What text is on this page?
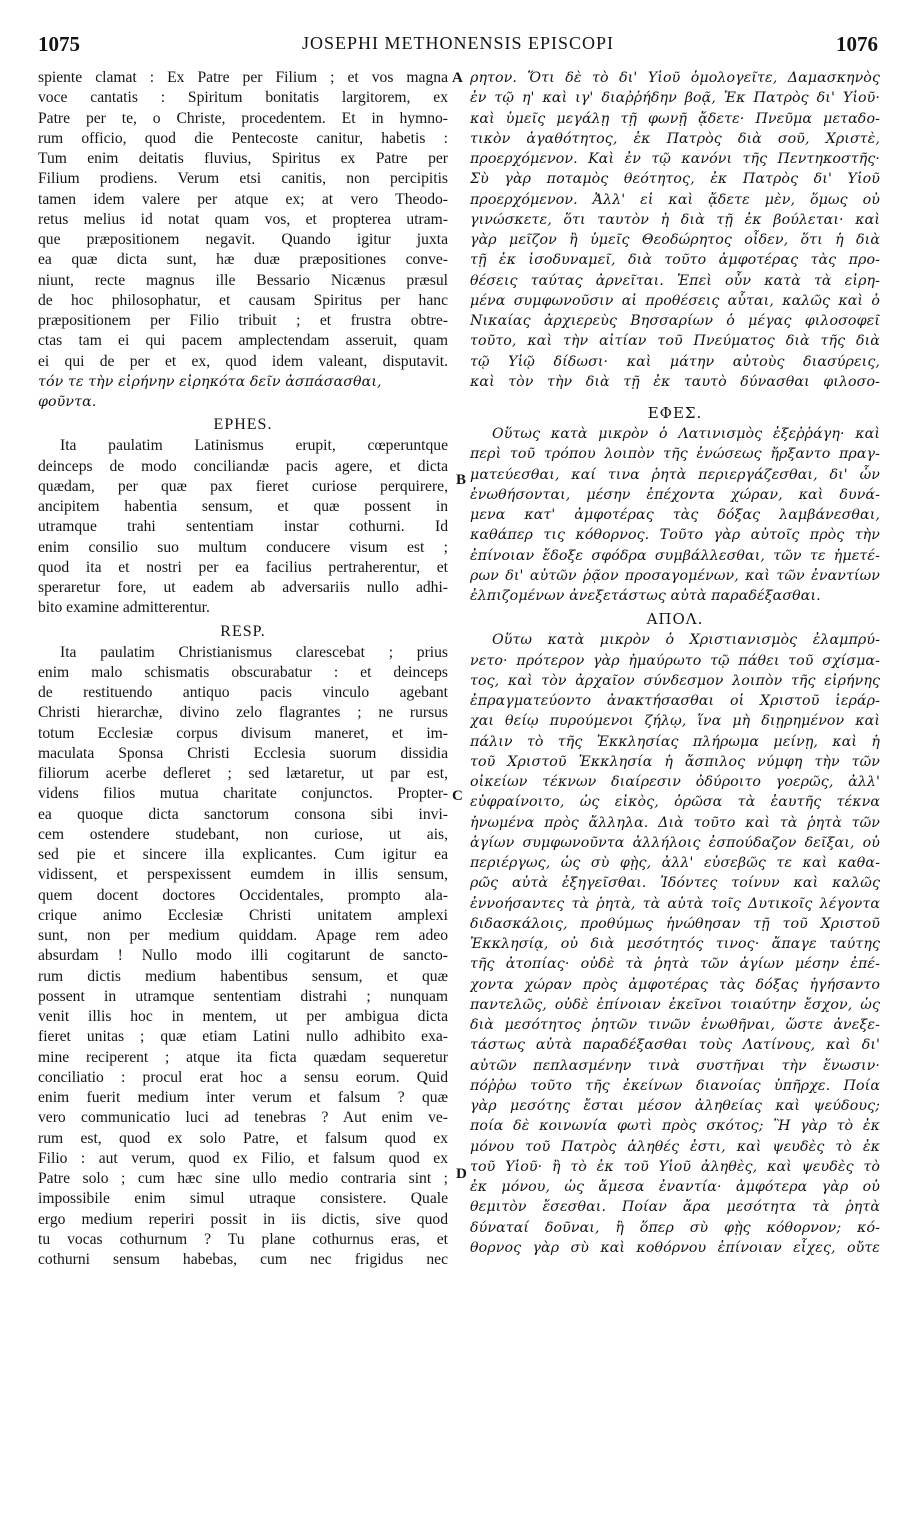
1075	JOSEPHI METHONENSIS EPISCOPI	1076
A
B
C
D
spiente clamat : Ex Patre per Filium ; et vos magna
voce cantatis : Spiritum bonitatis largitorem, ex
Patre per te, o Christe, procedentem. Et in hymno-
rum officio, quod die Pentecoste canitur, habetis :
Tum enim deitatis fluvius, Spiritus ex Patre per
Filium prodiens. Verum etsi canitis, non percipitis
tamen idem valere per atque ex; at vero Theodo-
retus melius id notat quam vos, et propterea utram-
que præpositionem negavit. Quando igitur juxta
ea quæ dicta sunt, hæ duæ præpositiones conve-
niunt, recte magnus ille Bessario Nicænus præsul
de hoc philosophatur, et causam Spiritus per hanc
præpositionem per Filio tribuit ; et frustra obtre-
ctas tam ei qui pacem amplectendam asseruit, quam
ei qui de per et ex, quod idem valeant, disputavit.
τόν τε τὴν εἰρήνην εἰρηκότα δεῖν ἀσπάσασθαι,
φοῦντα.
EPHES.
Ita paulatim Latinismus erupit, cœperuntque
deinceps de modo conciliandæ pacis agere, et dicta
quædam, per quæ pax fieret curiose perquirere,
ancipitem habentia sensum, et quæ possent in
utramque trahi sententiam instar cothurni. Id
enim consilio suo multum conducere visum est ;
quod ita et nostri per ea facilius pertraherentur, et
speraretur fore, ut eadem ab adversariis nullo adhi-
bito examine admitterentur.
RESP.
Ita paulatim Christianismus clarescebat ; prius
enim malo schismatis obscurabatur : et deinceps
de restituendo antiquo pacis vinculo agebant
Christi hierarchæ, divino zelo flagrantes ; ne rursus
totum Ecclesiæ corpus divisum maneret, et im-
maculata Sponsa Christi Ecclesia suorum dissidia
filiorum acerbe defleret ; sed lætaretur, ut par est,
videns filios mutua charitate conjunctos. Propter-
ea quoque dicta sanctorum consona sibi invi-
cem ostendere studebant, non curiose, ut ais,
sed pie et sincere illa explicantes. Cum igitur ea
vidissent, et perspexissent eumdem in illis sensum,
quem docent doctores Occidentales, prompto ala-
crique animo Ecclesiæ Christi unitatem amplexi
sunt, non per medium quiddam. Apage rem adeo
absurdam ! Nullo modo illi cogitarunt de sancto-
rum dictis medium habentibus sensum, et quæ
possent in utramque sententiam distrahi ; nunquam
venit illis hoc in mentem, ut per ambigua dicta
fieret unitas ; quæ etiam Latini nullo adhibito exa-
mine reciperent ; atque ita ficta quædam sequeretur
conciliatio : procul erat hoc a sensu eorum. Quid
enim fuerit medium inter verum et falsum ? quæ
vero communicatio luci ad tenebras ? Aut enim ve-
rum est, quod ex solo Patre, et falsum quod ex
Filio : aut verum, quod ex Filio, et falsum quod ex
Patre solo ; cum hæc sine ullo medio contraria sint ;
impossibile enim simul utraque consistere. Quale
ergo medium reperiri possit in iis dictis, sive quod
tu vocas cothurnum ? Tu plane cothurnus eras, et
cothurni sensum habebas, cum nec frigidus nec
ρητον. Ὅτι δὲ τὸ δι' Υἱοῦ ὁμολογεῖτε, Δαμασκηνὸς
ἐν τῷ η' καὶ ιγ' διαῤῥήδην βοᾷ, Ἐκ Πατρὸς δι' Υἱοῦ·
καὶ ὑμεῖς μεγάλῃ τῇ φωνῇ ᾄδετε· Πνεῦμα μεταδο-
τικὸν ἀγαθότητος, ἐκ Πατρὸς διὰ σοῦ, Χριστὲ,
προερχόμενον. Καὶ ἐν τῷ κανόνι τῆς Πεντηκοστῆς·
Σὺ γὰρ ποταμὸς θεότητος, ἐκ Πατρὸς δι' Υἱοῦ
προερχόμενον. Ἀλλ' εἰ καὶ ᾄδετε μὲν, ὅμως οὐ
γινώσκετε, ὅτι ταυτὸν ἡ διὰ τῇ ἐκ βούλεται· καὶ
γὰρ μεῖζον ἢ ὑμεῖς Θεοδώρητος οἶδεν, ὅτι ἡ διὰ
τῇ ἐκ ἰσοδυναμεῖ, διὰ τοῦτο ἀμφοτέρας τὰς προ-
θέσεις ταύτας ἀρνεῖται. Ἐπεὶ οὖν κατὰ τὰ εἰρη-
μένα συμφωνοῦσιν αἱ προθέσεις αὗται, καλῶς καὶ ὁ
Νικαίας ἀρχιερεὺς Βησσαρίων ὁ μέγας φιλοσοφεῖ
τοῦτο, καὶ τὴν αἰτίαν τοῦ Πνεύματος διὰ τῆς διὰ
τῷ Υἱῷ δίδωσι· καὶ μάτην αὐτοὺς διασύρεις,
καὶ τὸν τὴν διὰ τῇ ἐκ ταυτὸ δύνασθαι φιλοσο-
ΕΦΕΣ.
Οὕτως κατὰ μικρὸν ὁ Λατινισμὸς ἐξεῤῥάγη· καὶ
περὶ τοῦ τρόπου λοιπὸν τῆς ἑνώσεως ἤρξαντο πραγ-
ματεύεσθαι, καί τινα ῥητὰ περιεργάζεσθαι, δι' ὧν
ἑνωθήσονται, μέσην ἐπέχοντα χώραν, καὶ δυνά-
μενα κατ' ἀμφοτέρας τὰς δόξας λαμβάνεσθαι,
καθάπερ τις κόθορνος. Τοῦτο γὰρ αὐτοῖς πρὸς τὴν
ἐπίνοιαν ἔδοξε σφόδρα συμβάλλεσθαι, τῶν τε ἡμετέ-
ρων δι' αὐτῶν ῥᾷον προσαγομένων, καὶ τῶν ἐναντίων
ἐλπιζομένων ἀνεξετάστως αὐτὰ παραδέξασθαι.
ΑΠΟΛ.
Οὕτω κατὰ μικρὸν ὁ Χριστιανισμὸς ἐλαμπρύ-
νετο· πρότερον γὰρ ἠμαύρωτο τῷ πάθει τοῦ σχίσμα-
τος, καὶ τὸν ἀρχαῖον σύνδεσμον λοιπὸν τῆς εἰρήνης
ἐπραγματεύοντο ἀνακτήσασθαι οἱ Χριστοῦ ἱεράρ-
χαι θείῳ πυρούμενοι ζήλῳ, ἵνα μὴ διῃρημένον καὶ
πάλιν τὸ τῆς Ἐκκλησίας πλήρωμα μείνῃ, καὶ ἡ
τοῦ Χριστοῦ Ἐκκλησία ἡ ἄσπιλος νύμφη τὴν τῶν
οἰκείων τέκνων διαίρεσιν ὀδύροιτο γοερῶς, ἀλλ'
εὐφραίνοιτο, ὡς εἰκὸς, ὁρῶσα τὰ ἑαυτῆς τέκνα
ἡνωμένα πρὸς ἄλληλα. Διὰ τοῦτο καὶ τὰ ῥητὰ τῶν
ἁγίων συμφωνοῦντα ἀλλήλοις ἐσπούδαζον δεῖξαι, οὐ
περιέργως, ὡς σὺ φῂς, ἀλλ' εὐσεβῶς τε καὶ καθα-
ρῶς αὐτὰ ἐξηγεῖσθαι. Ἰδόντες τοίνυν καὶ καλῶς
ἐννοήσαντες τὰ ῥητὰ, τὰ αὐτὰ τοῖς Δυτικοῖς λέγοντα
διδασκάλοις, προθύμως ἡνώθησαν τῇ τοῦ Χριστοῦ
Ἐκκλησίᾳ, οὐ διὰ μεσότητός τινος· ἄπαγε ταύτης
τῆς ἀτοπίας· οὐδὲ τὰ ῥητὰ τῶν ἁγίων μέσην ἐπέ-
χοντα χώραν πρὸς ἀμφοτέρας τὰς δόξας ἡγήσαντο
παντελῶς, οὐδὲ ἐπίνοιαν ἐκεῖνοι τοιαύτην ἔσχον, ὡς
διὰ μεσότητος ῥητῶν τινῶν ἑνωθῆναι, ὥστε ἀνεξε-
τάστως αὐτὰ παραδέξασθαι τοὺς Λατίνους, καὶ δι'
αὐτῶν πεπλασμένην τινὰ συστῆναι τὴν ἕνωσιν·
πόῤῥω τοῦτο τῆς ἐκείνων διανοίας ὑπῆρχε. Ποία
γὰρ μεσότης ἔσται μέσον ἀληθείας καὶ ψεύδους;
ποία δὲ κοινωνία φωτὶ πρὸς σκότος; Ἢ γὰρ τὸ ἐκ
μόνου τοῦ Πατρὸς ἀληθές ἐστι, καὶ ψευδὲς τὸ ἐκ
τοῦ Υἱοῦ· ἢ τὸ ἐκ τοῦ Υἱοῦ ἀληθὲς, καὶ ψευδὲς τὸ
ἐκ μόνου, ὡς ἄμεσα ἐναντία· ἀμφότερα γὰρ οὐ
θεμιτὸν ἔσεσθαι. Ποίαν ἄρα μεσότητα τὰ ῥητὰ
δύναταί δοῦναι, ἢ ὅπερ σὺ φῂς κόθορνον; κό-
θορνος γὰρ σὺ καὶ κοθόρνου ἐπίνοιαν εἶχες, οὔτε
